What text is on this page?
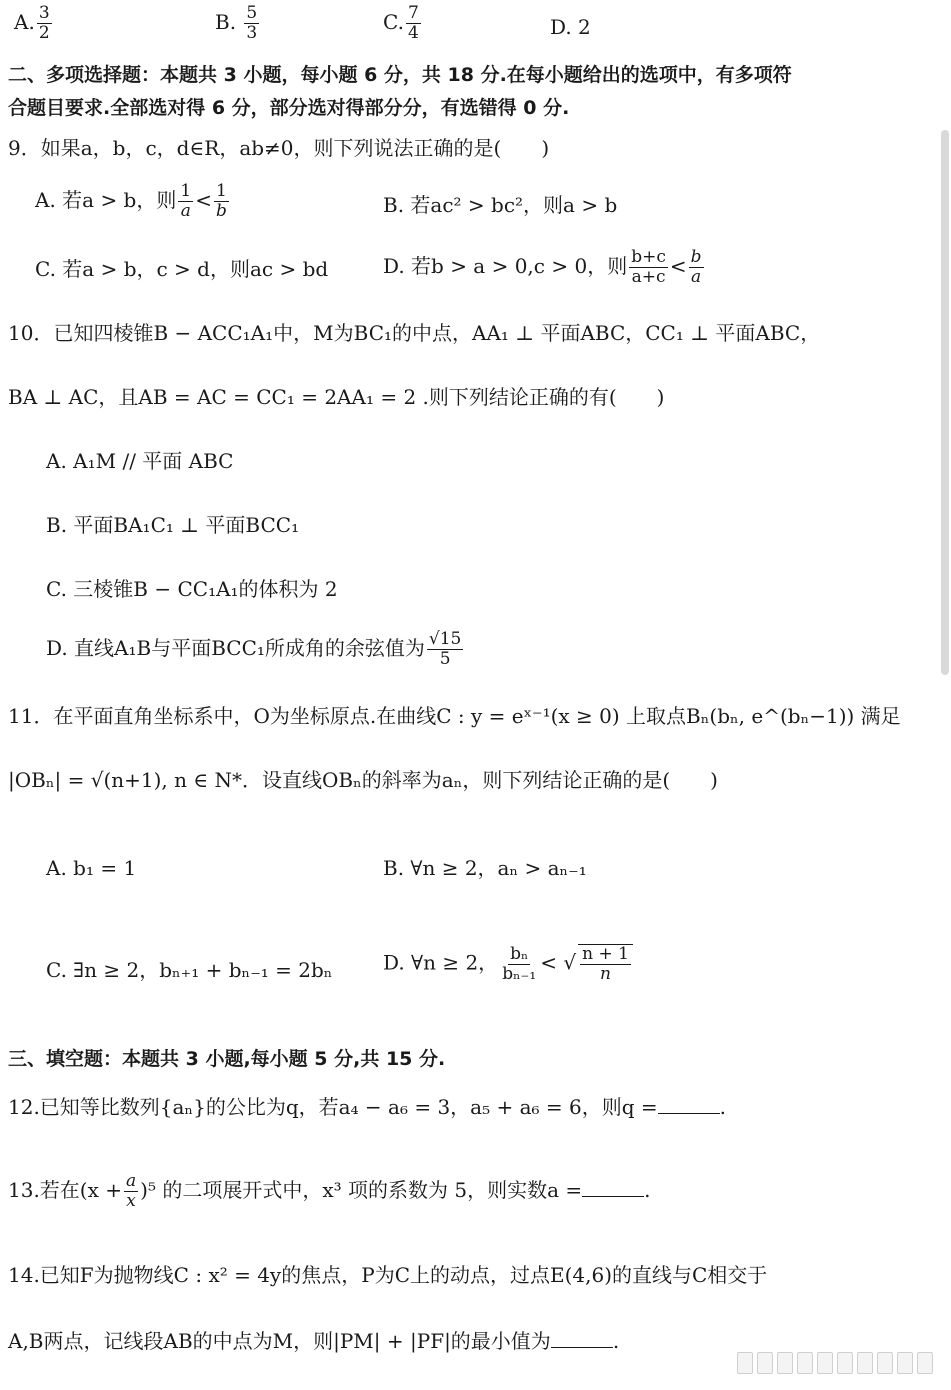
A. $\frac{3}{2}$	B. $\frac{5}{3}$	C. $\frac{7}{4}$	D. 2
二、多项选择题：本题共 3 小题，每小题 6 分，共 18 分.在每小题给出的选项中，有多项符
合题目要求.全部选对得 6 分，部分选对得部分分，有选错得 0 分.
9．如果a，b，c，d∈R，ab≠0，则下列说法正确的是(　　)
A. 若a > b，则 $\frac{1}{a} < \frac{1}{b}$	B. 若ac² > bc²，则a > b
C. 若a > b，c > d，则ac > bd	D. 若b > a > 0,c > 0，则 $\frac{b+c}{a+c} < \frac{b}{a}$
10．已知四棱锥B − ACC₁A₁中，M为BC₁的中点，AA₁ ⊥ 平面ABC，CC₁ ⊥ 平面ABC，
BA ⊥ AC，且AB = AC = CC₁ = 2AA₁ = 2 .则下列结论正确的有(　　)
A. A₁M // 平面 ABC
B. 平面BA₁C₁ ⊥ 平面BCC₁
C. 三棱锥B − CC₁A₁的体积为 2
D. 直线A₁B与平面BCC₁所成角的余弦值为 $\frac{√15}{5}$
11．在平面直角坐标系中，O为坐标原点.在曲线C : y = eˣ⁻¹(x ≥ 0) 上取点Bₙ(bₙ, e^(bₙ−1)) 满足
|OBₙ| = √(n+1), n ∈ N*．设直线OBₙ的斜率为aₙ，则下列结论正确的是(　　)
A. b₁ = 1	B. ∀n ≥ 2，aₙ > aₙ₋₁
C. ∃n ≥ 2，bₙ₊₁ + bₙ₋₁ = 2bₙ	D. ∀n ≥ 2， $\frac{\text{bₙ}}{\text{bₙ₋₁}}$ < √ $\frac{n + 1}{n}$
三、填空题：本题共 3 小题,每小题 5 分,共 15 分.
12.已知等比数列{aₙ}的公比为q，若a₄ − a₆ = 3，a₅ + a₆ = 6，则q =	.
13.若在$(x + \frac{a}{x} )^5$ 的二项展开式中，x³ 项的系数为 5，则实数a =	.
14.已知F为抛物线C : x² = 4y的焦点，P为C上的动点，过点E(4,6)的直线与C相交于
A,B两点，记线段AB的中点为M，则|PM| + |PF|的最小值为	.
